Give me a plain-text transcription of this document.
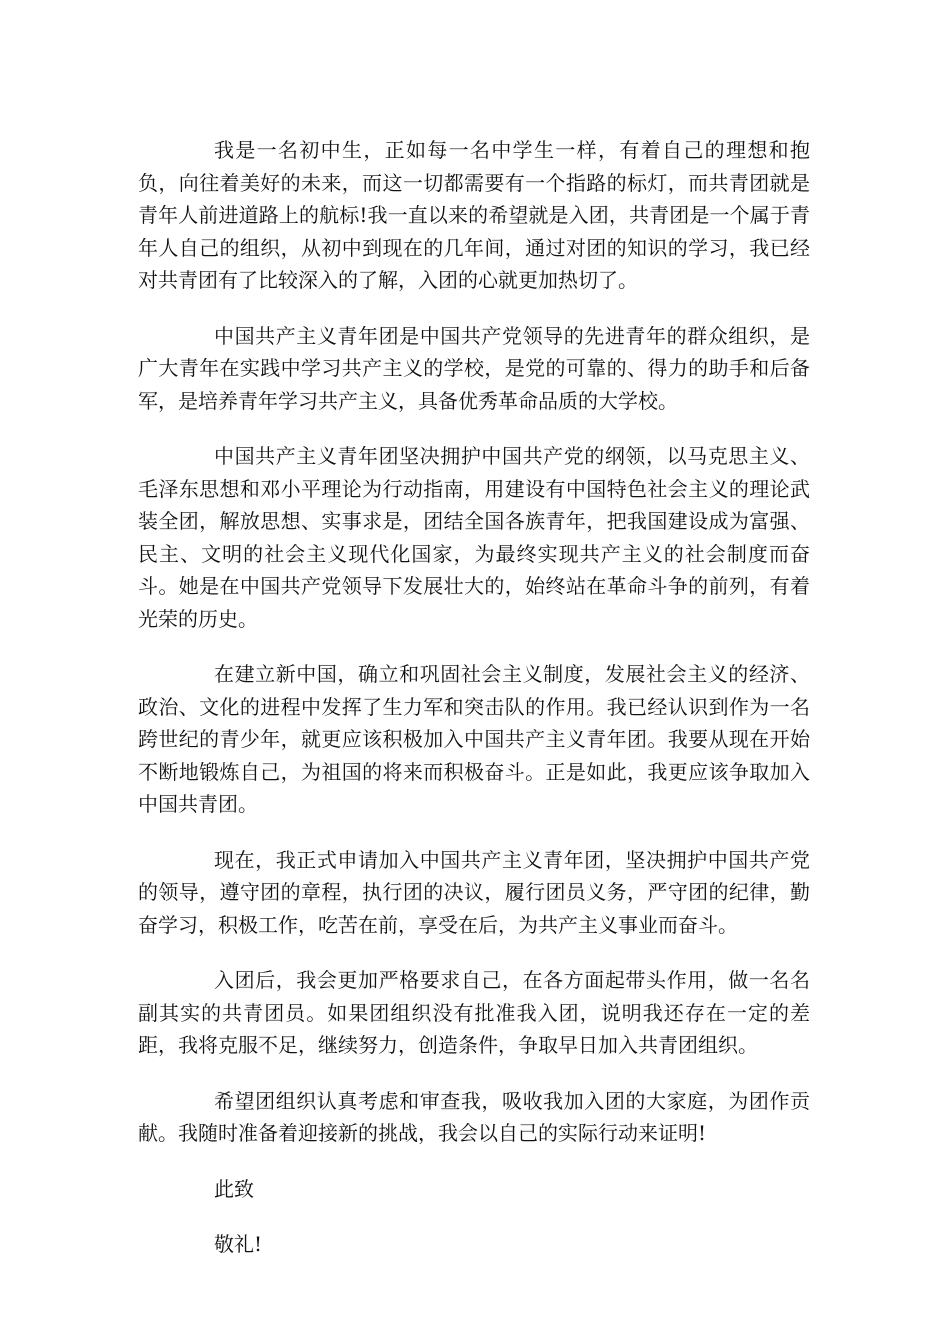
我是一名初中生，正如每一名中学生一样，有着自己的理想和抱负，向往着美好的未来，而这一切都需要有一个指路的标灯，而共青团就是青年人前进道路上的航标!我一直以来的希望就是入团，共青团是一个属于青年人自己的组织，从初中到现在的几年间，通过对团的知识的学习，我已经对共青团有了比较深入的了解，入团的心就更加热切了。

中国共产主义青年团是中国共产党领导的先进青年的群众组织，是广大青年在实践中学习共产主义的学校，是党的可靠的、得力的助手和后备军，是培养青年学习共产主义，具备优秀革命品质的大学校。

中国共产主义青年团坚决拥护中国共产党的纲领，以马克思主义、毛泽东思想和邓小平理论为行动指南，用建设有中国特色社会主义的理论武装全团，解放思想、实事求是，团结全国各族青年，把我国建设成为富强、民主、文明的社会主义现代化国家，为最终实现共产主义的社会制度而奋斗。她是在中国共产党领导下发展壮大的，始终站在革命斗争的前列，有着光荣的历史。

在建立新中国，确立和巩固社会主义制度，发展社会主义的经济、政治、文化的进程中发挥了生力军和突击队的作用。我已经认识到作为一名跨世纪的青少年，就更应该积极加入中国共产主义青年团。我要从现在开始不断地锻炼自己，为祖国的将来而积极奋斗。正是如此，我更应该争取加入中国共青团。

现在，我正式申请加入中国共产主义青年团，坚决拥护中国共产党的领导，遵守团的章程，执行团的决议，履行团员义务，严守团的纪律，勤奋学习，积极工作，吃苦在前，享受在后，为共产主义事业而奋斗。

入团后，我会更加严格要求自己，在各方面起带头作用，做一名名副其实的共青团员。如果团组织没有批准我入团，说明我还存在一定的差距，我将克服不足，继续努力，创造条件，争取早日加入共青团组织。

希望团组织认真考虑和审查我，吸收我加入团的大家庭，为团作贡献。我随时准备着迎接新的挑战，我会以自己的实际行动来证明!

此致

敬礼!
